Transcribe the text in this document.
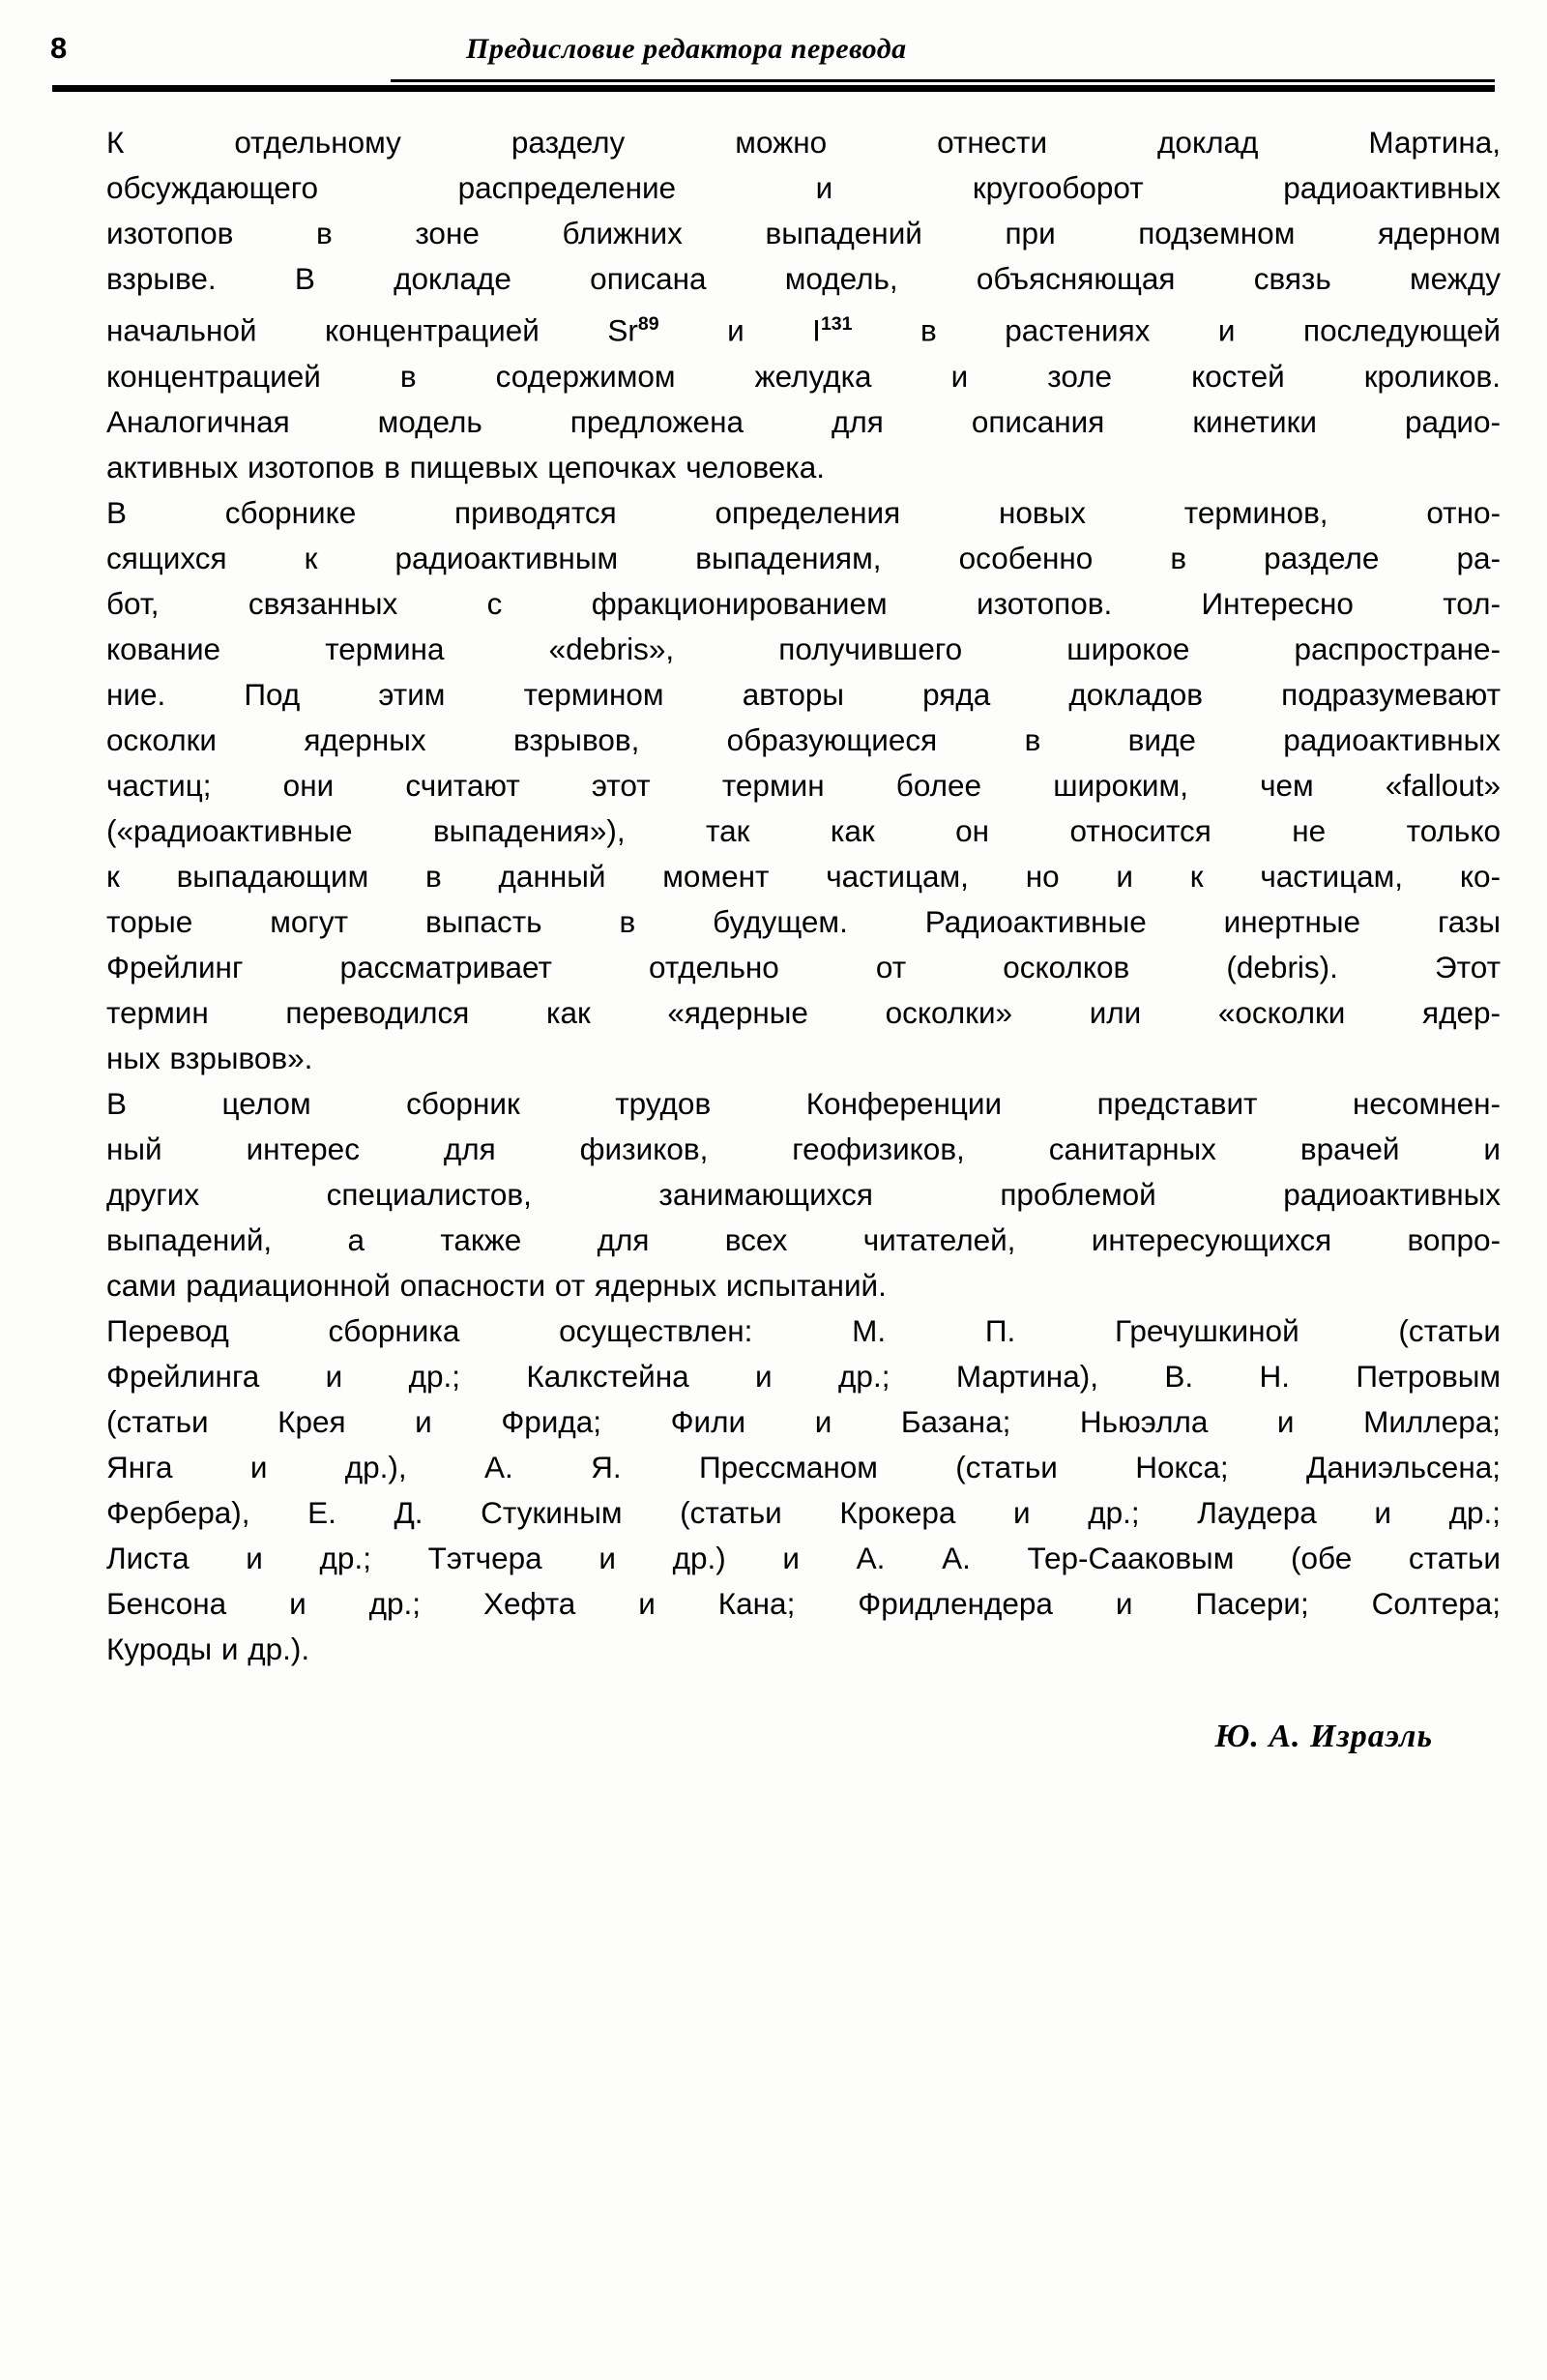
8	Предисловие редактора перевода

К отдельному разделу можно отнести доклад Мартина,
обсуждающего распределение и кругооборот радиоактивных
изотопов в зоне ближних выпадений при подземном ядерном
взрыве. В докладе описана модель, объясняющая связь между
начальной концентрацией Sr$^{89}$ и $I^{131}$ в растениях и последующей
концентрацией в содержимом желудка и золе костей кроликов.
Аналогичная модель предложена для описания кинетики радио-
активных изотопов в пищевых цепочках человека.

В сборнике приводятся определения новых терминов, отно-
сящихся к радиоактивным выпадениям, особенно в разделе ра-
бот, связанных с фракционированием изотопов. Интересно тол-
кование термина «debris», получившего широкое распростране-
ние. Под этим термином авторы ряда докладов подразумевают
осколки ядерных взрывов, образующиеся в виде радиоактивных
частиц; они считают этот термин более широким, чем «fallout»
(«радиоактивные выпадения»), так как он относится не только
к выпадающим в данный момент частицам, но и к частицам, ко-
торые могут выпасть в будущем. Радиоактивные инертные газы
Фрейлинг рассматривает отдельно от осколков (debris). Этот
термин переводился как «ядерные осколки» или «осколки ядер-
ных взрывов».

В целом сборник трудов Конференции представит несомнен-
ный интерес для физиков, геофизиков, санитарных врачей и
других специалистов, занимающихся проблемой радиоактивных
выпадений, а также для всех читателей, интересующихся вопро-
сами радиационной опасности от ядерных испытаний.

Перевод сборника осуществлен: М. П. Гречушкиной (статьи
Фрейлинга и др.; Калкстейна и др.; Мартина), В. Н. Петровым
(статьи Крея и Фрида; Фили и Базана; Ньюэлла и Миллера;
Янга и др.), А. Я. Прессманом (статьи Нокса; Даниэльсена;
Фербера), Е. Д. Стукиным (статьи Крокера и др.; Лаудера и др.;
Листа и др.; Тэтчера и др.) и А. А. Тер-Сааковым (обе статьи
Бенсона и др.; Хефта и Кана; Фридлендера и Пасери; Солтера;
Куроды и др.).

Ю. А. Израэль
